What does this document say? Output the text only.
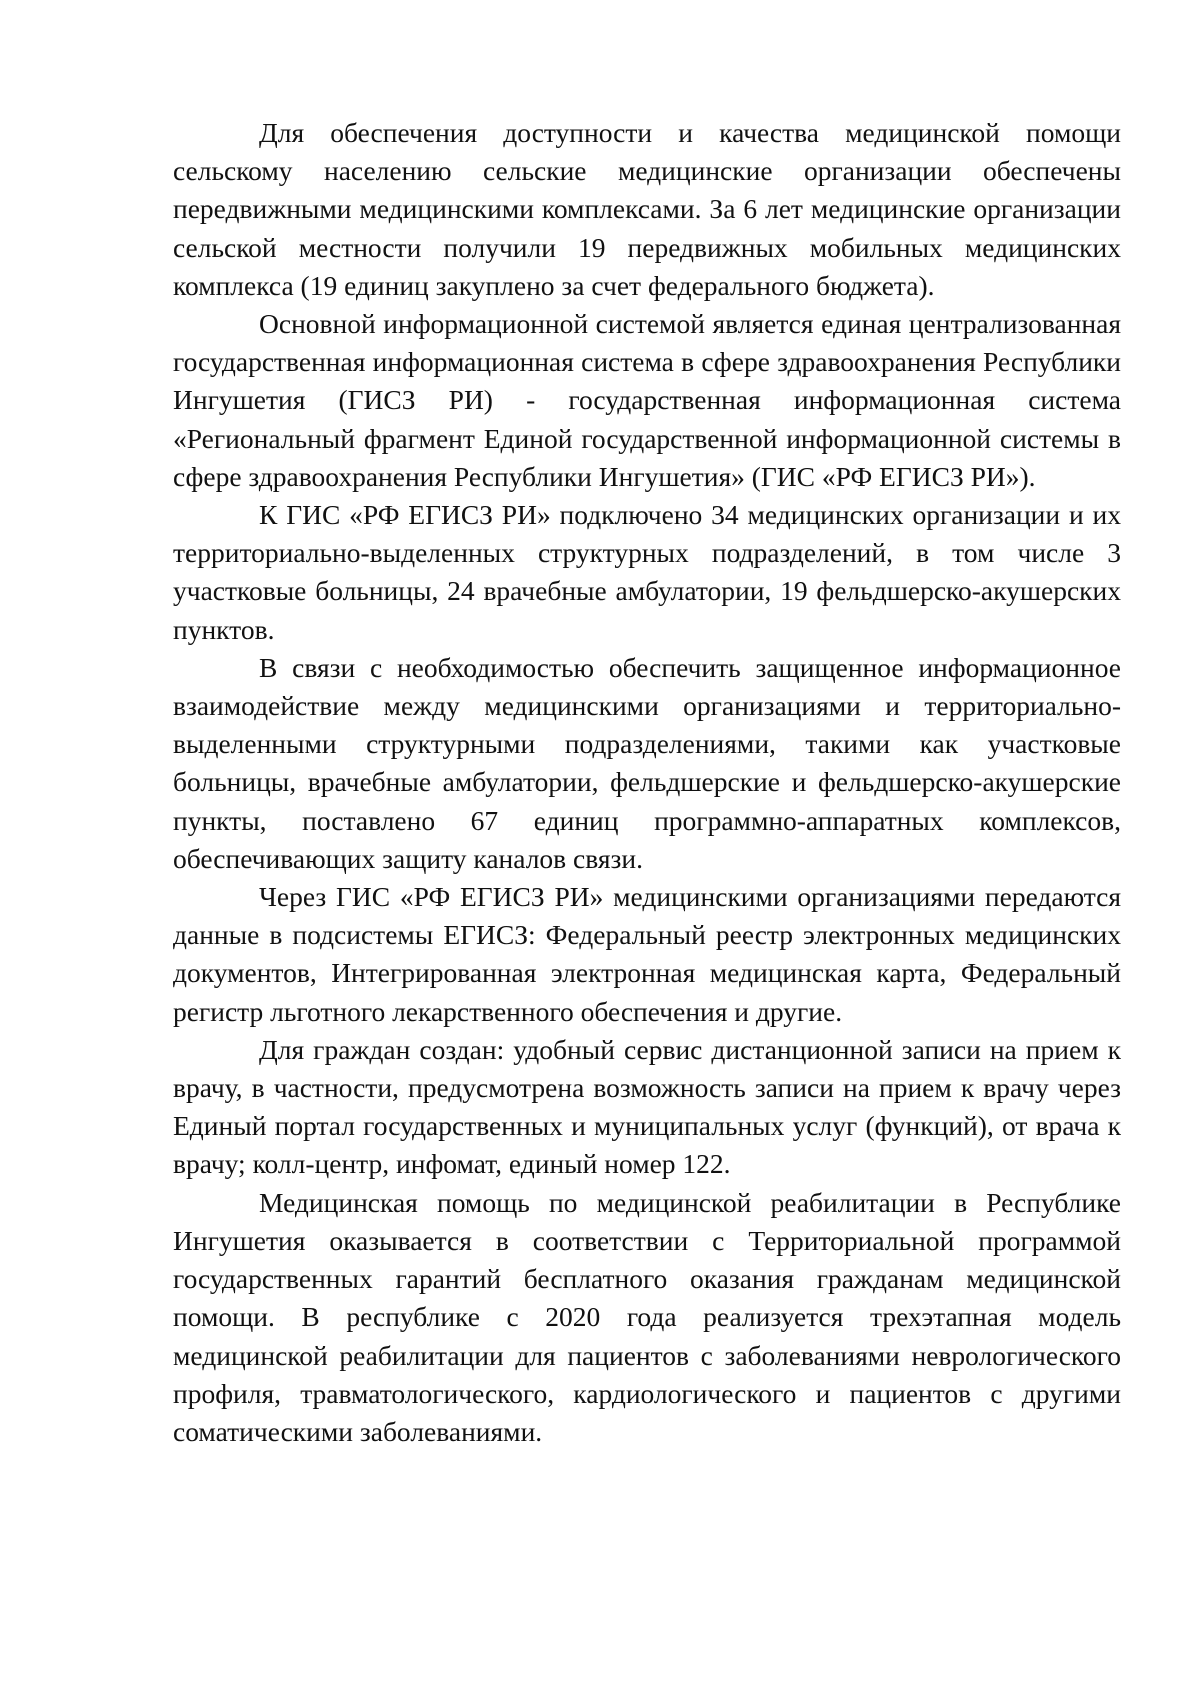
Для обеспечения доступности и качества медицинской помощи сельскому населению сельские медицинские организации обеспечены передвижными медицинскими комплексами. За 6 лет медицинские организации сельской местности получили 19 передвижных мобильных медицинских комплекса (19 единиц закуплено за счет федерального бюджета).

Основной информационной системой является единая централизованная государственная информационная система в сфере здравоохранения Республики Ингушетия (ГИСЗ РИ) - государственная информационная система «Региональный фрагмент Единой государственной информационной системы в сфере здравоохранения Республики Ингушетия» (ГИС «РФ ЕГИСЗ РИ»).

К ГИС «РФ ЕГИСЗ РИ» подключено 34 медицинских организации и их территориально-выделенных структурных подразделений, в том числе 3 участковые больницы, 24 врачебные амбулатории, 19 фельдшерско-акушерских пунктов.

В связи с необходимостью обеспечить защищенное информационное взаимодействие между медицинскими организациями и территориально-выделенными структурными подразделениями, такими как участковые больницы, врачебные амбулатории, фельдшерские и фельдшерско-акушерские пункты, поставлено 67 единиц программно-аппаратных комплексов, обеспечивающих защиту каналов связи.

Через ГИС «РФ ЕГИСЗ РИ» медицинскими организациями передаются данные в подсистемы ЕГИСЗ: Федеральный реестр электронных медицинских документов, Интегрированная электронная медицинская карта, Федеральный регистр льготного лекарственного обеспечения и другие.

Для граждан создан: удобный сервис дистанционной записи на прием к врачу, в частности, предусмотрена возможность записи на прием к врачу через Единый портал государственных и муниципальных услуг (функций), от врача к врачу; колл-центр, инфомат, единый номер 122.

Медицинская помощь по медицинской реабилитации в Республике Ингушетия оказывается в соответствии с Территориальной программой государственных гарантий бесплатного оказания гражданам медицинской помощи. В республике с 2020 года реализуется трехэтапная модель медицинской реабилитации для пациентов с заболеваниями неврологического профиля, травматологического, кардиологического и пациентов с другими соматическими заболеваниями.
